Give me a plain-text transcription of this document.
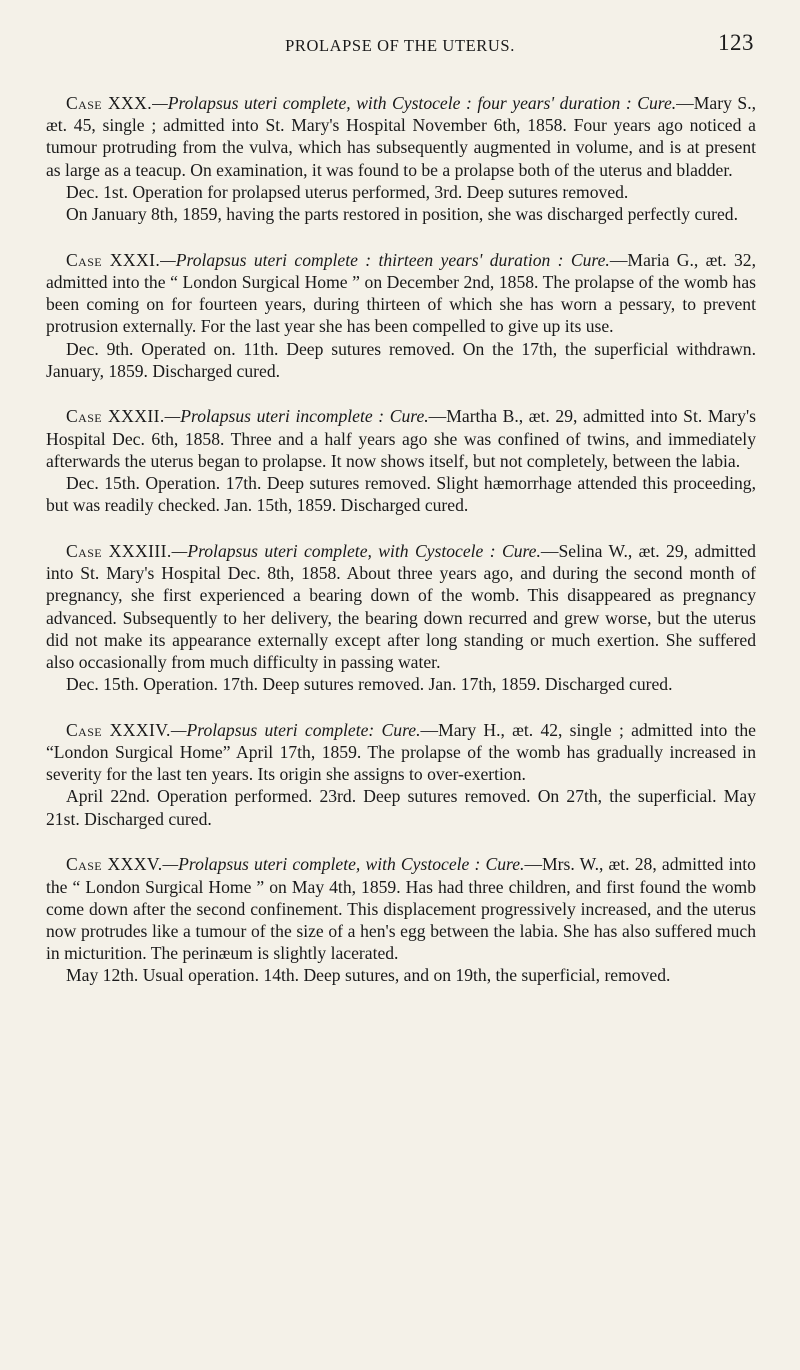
PROLAPSE OF THE UTERUS.	123

Case XXX.—Prolapsus uteri complete, with Cystocele : four years' duration : Cure.—Mary S., æt. 45, single ; admitted into St. Mary's Hospital November 6th, 1858. Four years ago noticed a tumour protruding from the vulva, which has subsequently augmented in volume, and is at present as large as a teacup. On examination, it was found to be a prolapse both of the uterus and bladder.

Dec. 1st. Operation for prolapsed uterus performed, 3rd. Deep sutures removed.

On January 8th, 1859, having the parts restored in position, she was discharged perfectly cured.

Case XXXI.—Prolapsus uteri complete : thirteen years' duration : Cure.—Maria G., æt. 32, admitted into the “ London Surgical Home ” on December 2nd, 1858. The prolapse of the womb has been coming on for fourteen years, during thirteen of which she has worn a pessary, to prevent protrusion externally. For the last year she has been compelled to give up its use.

Dec. 9th. Operated on. 11th. Deep sutures removed. On the 17th, the superficial withdrawn. January, 1859. Discharged cured.

Case XXXII.—Prolapsus uteri incomplete : Cure.—Martha B., æt. 29, admitted into St. Mary's Hospital Dec. 6th, 1858. Three and a half years ago she was confined of twins, and immediately afterwards the uterus began to prolapse. It now shows itself, but not completely, between the labia.

Dec. 15th. Operation. 17th. Deep sutures removed. Slight hæmorrhage attended this proceeding, but was readily checked. Jan. 15th, 1859. Discharged cured.

Case XXXIII.—Prolapsus uteri complete, with Cystocele : Cure.—Selina W., æt. 29, admitted into St. Mary's Hospital Dec. 8th, 1858. About three years ago, and during the second month of pregnancy, she first experienced a bearing down of the womb. This disappeared as pregnancy advanced. Subsequently to her delivery, the bearing down recurred and grew worse, but the uterus did not make its appearance externally except after long standing or much exertion. She suffered also occasionally from much difficulty in passing water.

Dec. 15th. Operation. 17th. Deep sutures removed. Jan. 17th, 1859. Discharged cured.

Case XXXIV.—Prolapsus uteri complete: Cure.—Mary H., æt. 42, single ; admitted into the “London Surgical Home” April 17th, 1859. The prolapse of the womb has gradually increased in severity for the last ten years. Its origin she assigns to over-exertion.

April 22nd. Operation performed. 23rd. Deep sutures removed. On 27th, the superficial. May 21st. Discharged cured.

Case XXXV.—Prolapsus uteri complete, with Cystocele : Cure.—Mrs. W., æt. 28, admitted into the “ London Surgical Home ” on May 4th, 1859. Has had three children, and first found the womb come down after the second confinement. This displacement progressively increased, and the uterus now protrudes like a tumour of the size of a hen's egg between the labia. She has also suffered much in micturition. The perinæum is slightly lacerated.

May 12th. Usual operation. 14th. Deep sutures, and on 19th, the superficial, removed.
